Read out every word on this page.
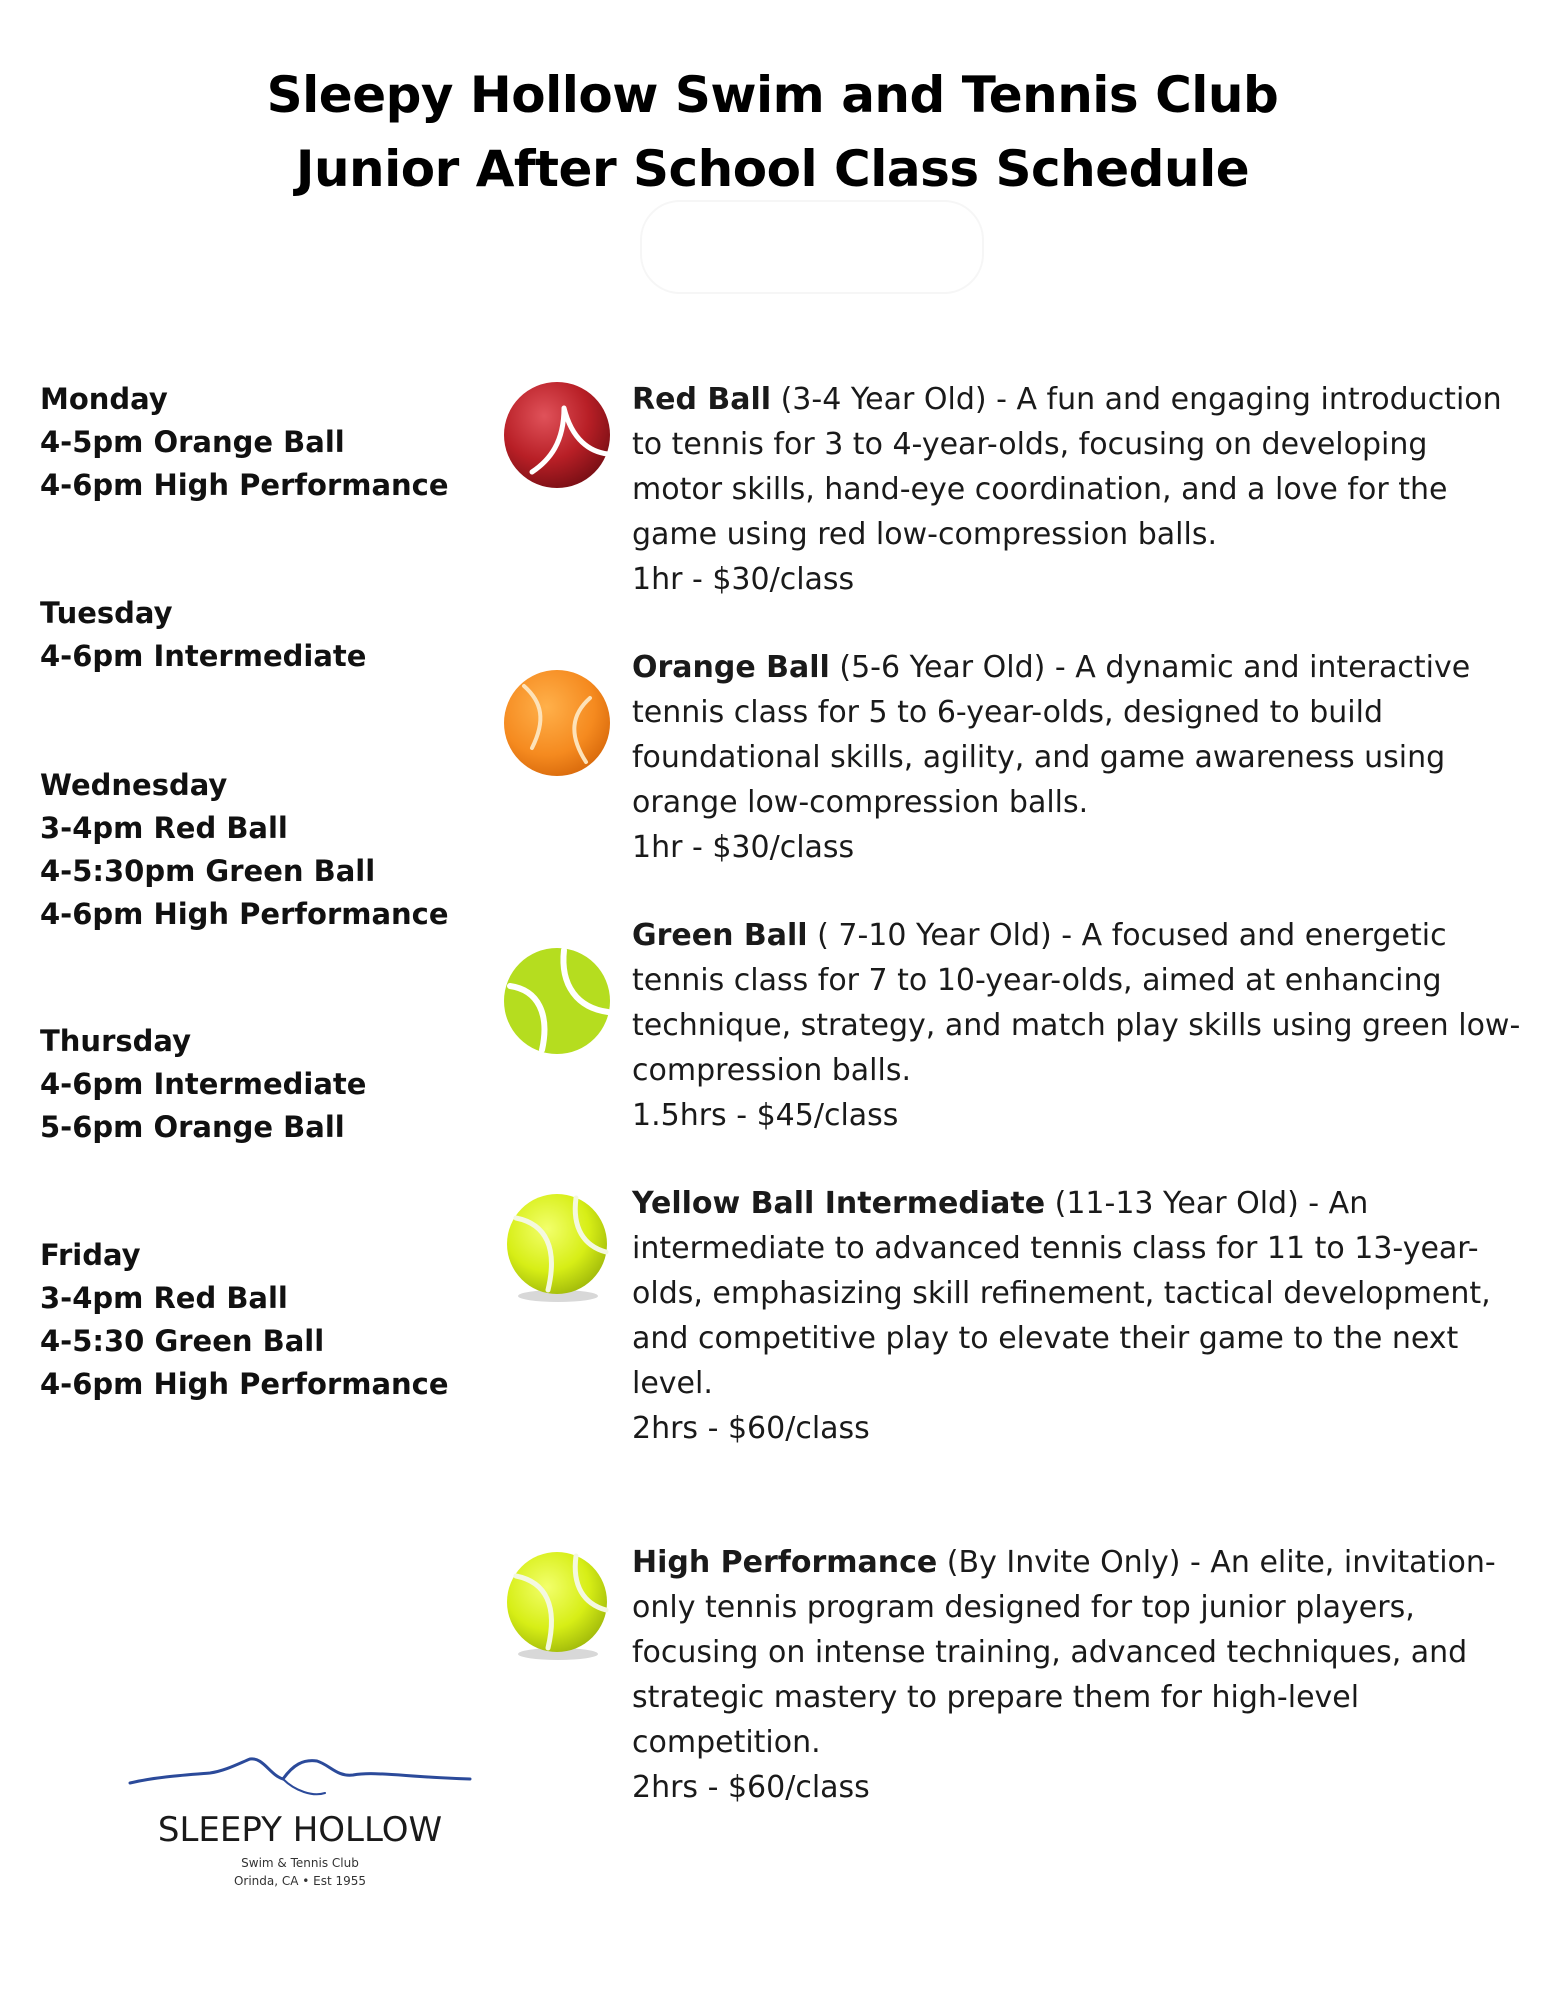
Sleepy Hollow Swim and Tennis Club
Junior After School Class Schedule
Monday
4-5pm Orange Ball
4-6pm High Performance
Tuesday
4-6pm Intermediate
Wednesday
3-4pm Red Ball
4-5:30pm Green Ball
4-6pm High Performance
Thursday
4-6pm Intermediate
5-6pm Orange Ball
Friday
3-4pm Red Ball
4-5:30 Green Ball
4-6pm High Performance
Red Ball (3-4 Year Old) - A fun and engaging introduction to tennis for 3 to 4-year-olds, focusing on developing motor skills, hand-eye coordination, and a love for the game using red low-compression balls.
1hr - $30/class
Orange Ball (5-6 Year Old) - A dynamic and interactive tennis class for 5 to 6-year-olds, designed to build foundational skills, agility, and game awareness using orange low-compression balls.
1hr - $30/class
Green Ball ( 7-10 Year Old) - A focused and energetic tennis class for 7 to 10-year-olds, aimed at enhancing technique, strategy, and match play skills using green low-compression balls.
1.5hrs - $45/class
Yellow Ball Intermediate (11-13 Year Old) - An intermediate to advanced tennis class for 11 to 13-year-olds, emphasizing skill refinement, tactical development, and competitive play to elevate their game to the next level.
2hrs - $60/class
High Performance (By Invite Only) - An elite, invitation-only tennis program designed for top junior players, focusing on intense training, advanced techniques, and strategic mastery to prepare them for high-level competition.
2hrs - $60/class
SLEEPY HOLLOW
Swim & Tennis Club
Orinda, CA • Est 1955
